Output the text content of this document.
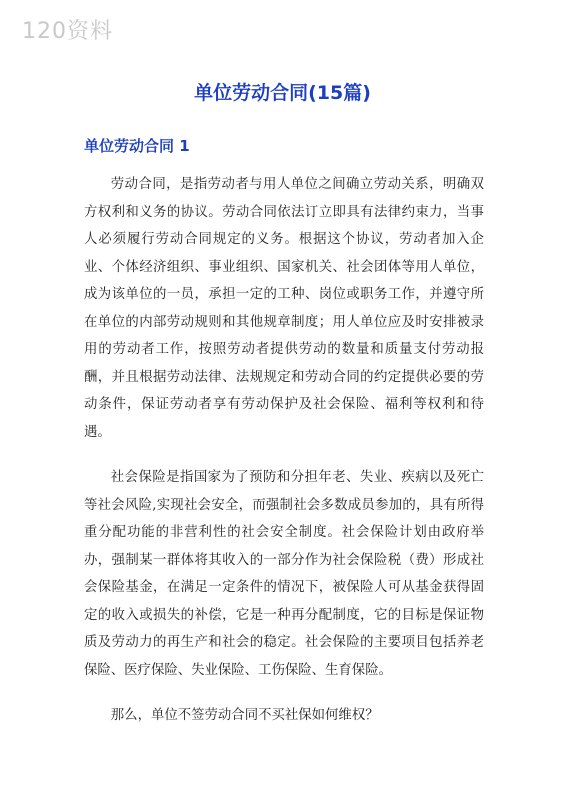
120资料
单位劳动合同(15篇)
单位劳动合同 1

劳动合同，是指劳动者与用人单位之间确立劳动关系，明确双方权利和义务的协议。劳动合同依法订立即具有法律约束力，当事人必须履行劳动合同规定的义务。根据这个协议，劳动者加入企业、个体经济组织、事业组织、国家机关、社会团体等用人单位，成为该单位的一员，承担一定的工种、岗位或职务工作，并遵守所在单位的内部劳动规则和其他规章制度；用人单位应及时安排被录用的劳动者工作，按照劳动者提供劳动的数量和质量支付劳动报酬，并且根据劳动法律、法规规定和劳动合同的约定提供必要的劳动条件，保证劳动者享有劳动保护及社会保险、福利等权利和待遇。

社会保险是指国家为了预防和分担年老、失业、疾病以及死亡等社会风险,实现社会安全，而强制社会多数成员参加的，具有所得重分配功能的非营利性的社会安全制度。社会保险计划由政府举办，强制某一群体将其收入的一部分作为社会保险税（费）形成社会保险基金，在满足一定条件的情况下，被保险人可从基金获得固定的收入或损失的补偿，它是一种再分配制度，它的目标是保证物质及劳动力的再生产和社会的稳定。社会保险的主要项目包括养老保险、医疗保险、失业保险、工伤保险、生育保险。

那么，单位不签劳动合同不买社保如何维权？
